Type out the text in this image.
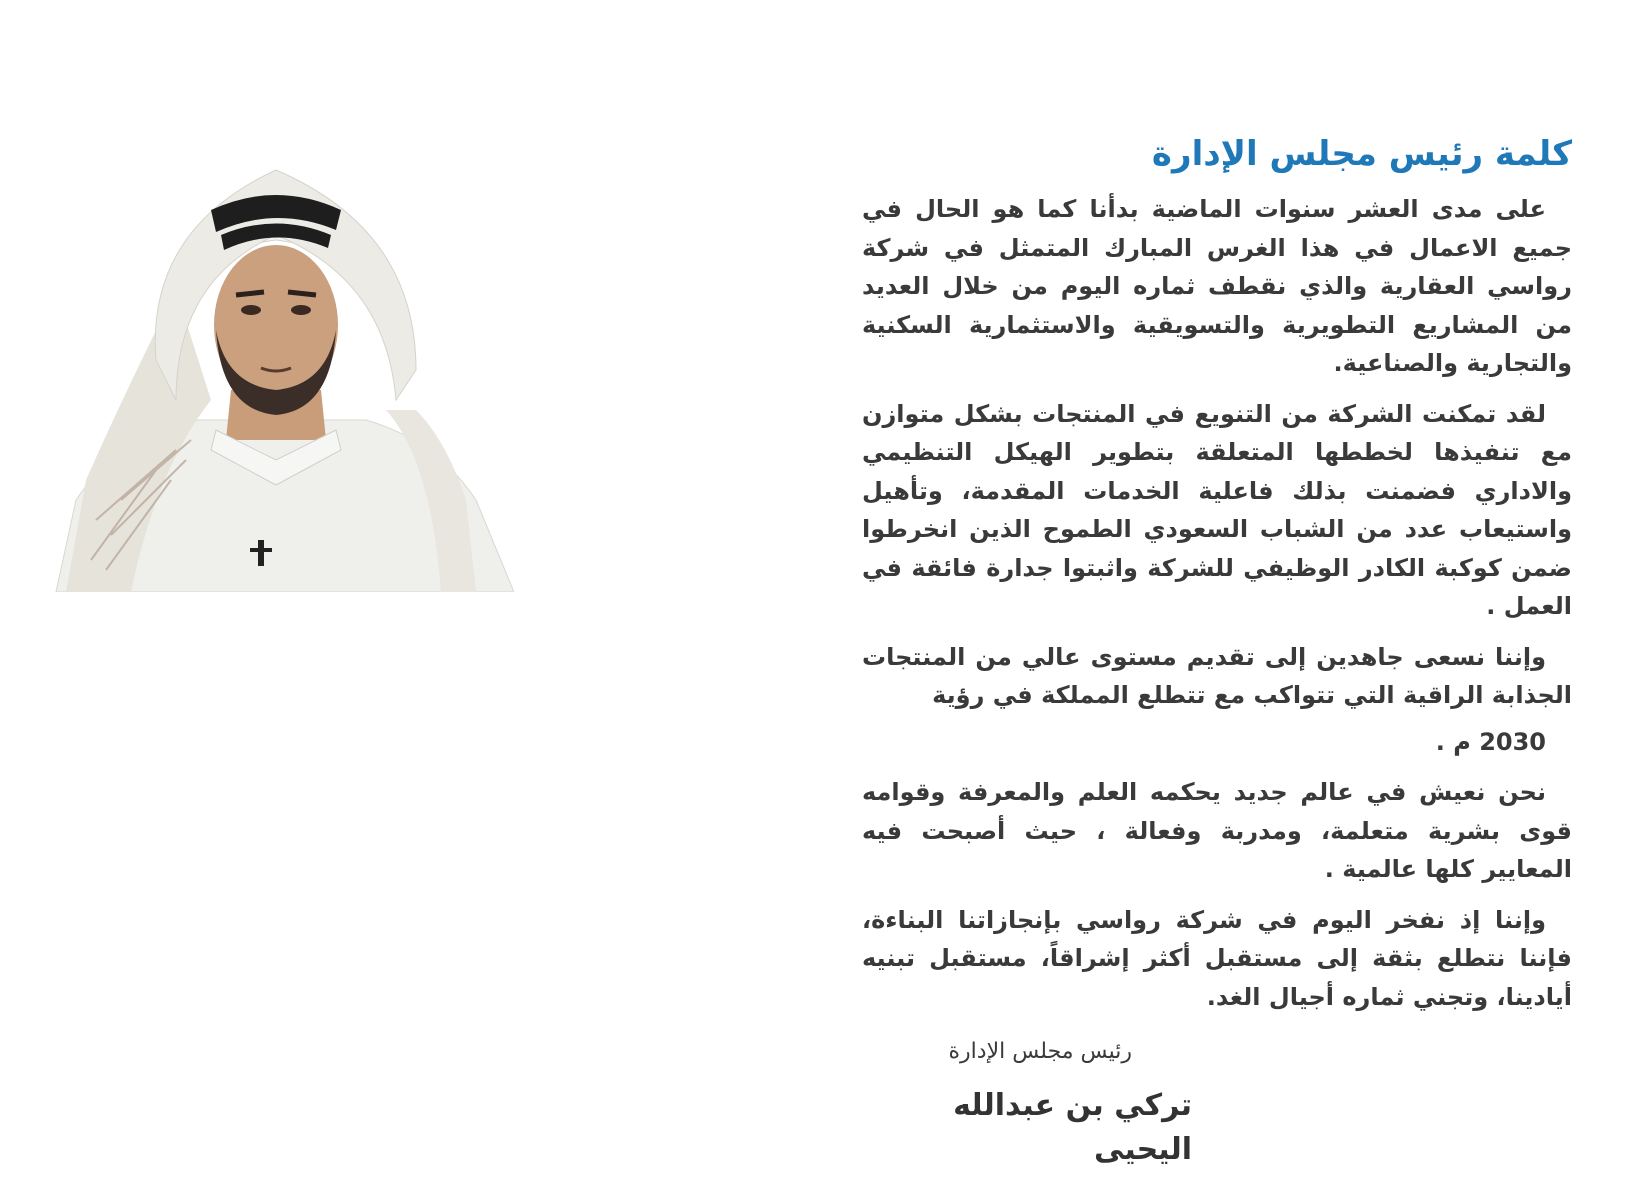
كلمة رئيس مجلس الإدارة

على مدى العشر سنوات الماضية بدأنا كما هو الحال في جميع الاعمال في هذا الغرس المبارك المتمثل في شركة رواسي العقارية والذي نقطف ثماره اليوم من خلال العديد من المشاريع التطويرية والتسويقية والاستثمارية السكنية والتجارية والصناعية.

لقد تمكنت الشركة من التنويع في المنتجات بشكل متوازن مع تنفيذها لخططها المتعلقة بتطوير الهيكل التنظيمي والاداري فضمنت بذلك فاعلية الخدمات المقدمة، وتأهيل واستيعاب عدد من الشباب السعودي الطموح الذين انخرطوا ضمن كوكبة الكادر الوظيفي للشركة واثبتوا جدارة فائقة في العمل .

وإننا نسعى جاهدين إلى تقديم مستوى عالي من المنتجات الجذابة الراقية التي تتواكب مع تتطلع المملكة في رؤية

2030 م .

نحن نعيش في عالم جديد يحكمه العلم والمعرفة وقوامه قوى بشرية متعلمة، ومدربة وفعالة ، حيث أصبحت فيه المعايير كلها عالمية .

وإننا إذ نفخر اليوم في شركة رواسي بإنجازاتنا البناءة، فإننا نتطلع بثقة إلى مستقبل أكثر إشراقاً، مستقبل تبنيه أيادينا، وتجني ثماره أجيال الغد.

رئيس مجلس الإدارة
تركي بن عبدالله اليحيى
